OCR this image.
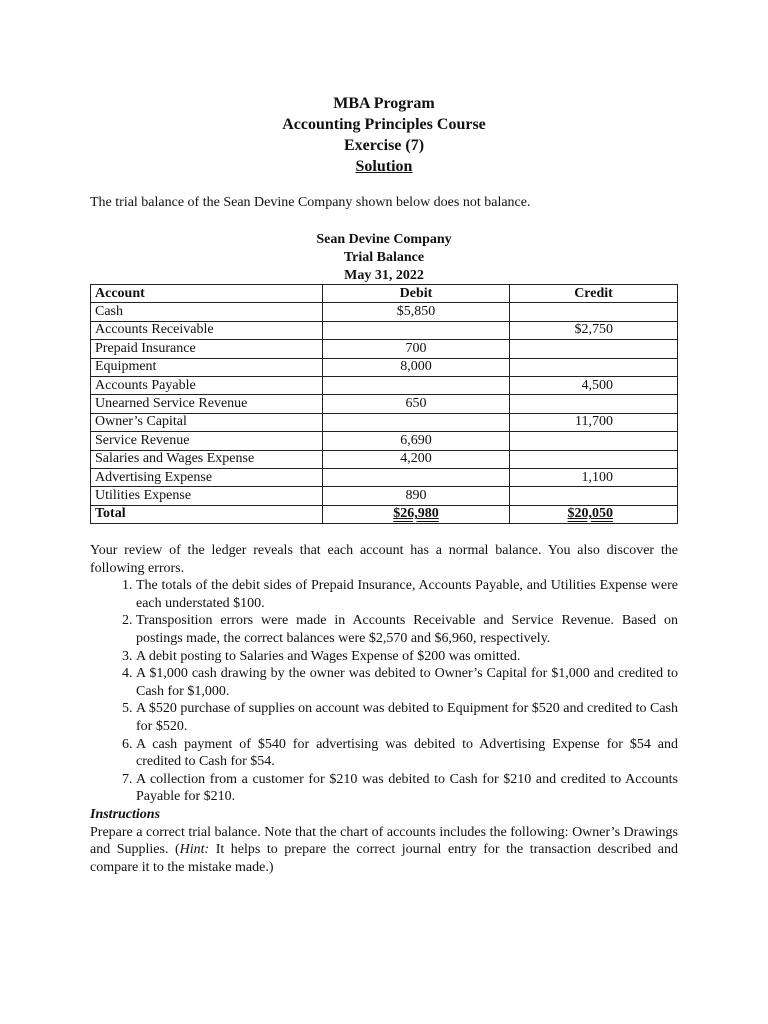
MBA Program
Accounting Principles Course
Exercise (7)
Solution
The trial balance of the Sean Devine Company shown below does not balance.
Sean Devine Company
Trial Balance
May 31, 2022
Account	Debit	Credit
Cash	$5,850	
Accounts Receivable		$2,750
Prepaid Insurance	700	
Equipment	8,000	
Accounts Payable		4,500
Unearned Service Revenue	650	
Owner’s Capital		11,700
Service Revenue	6,690	
Salaries and Wages Expense	4,200	
Advertising Expense		1,100
Utilities Expense	890	
Total	$26,980	$20,050

Your review of the ledger reveals that each account has a normal balance. You also discover the following errors.

1. The totals of the debit sides of Prepaid Insurance, Accounts Payable, and Utilities Expense were each understated $100.
2. Transposition errors were made in Accounts Receivable and Service Revenue. Based on postings made, the correct balances were $2,570 and $6,960, respectively.
3. A debit posting to Salaries and Wages Expense of $200 was omitted.
4. A $1,000 cash drawing by the owner was debited to Owner’s Capital for $1,000 and credited to Cash for $1,000.
5. A $520 purchase of supplies on account was debited to Equipment for $520 and credited to Cash for $520.
6. A cash payment of $540 for advertising was debited to Advertising Expense for $54 and credited to Cash for $54.
7. A collection from a customer for $210 was debited to Cash for $210 and credited to Accounts Payable for $210.

Instructions

Prepare a correct trial balance. Note that the chart of accounts includes the following: Owner’s Drawings and Supplies. (Hint: It helps to prepare the correct journal entry for the transaction described and compare it to the mistake made.)
